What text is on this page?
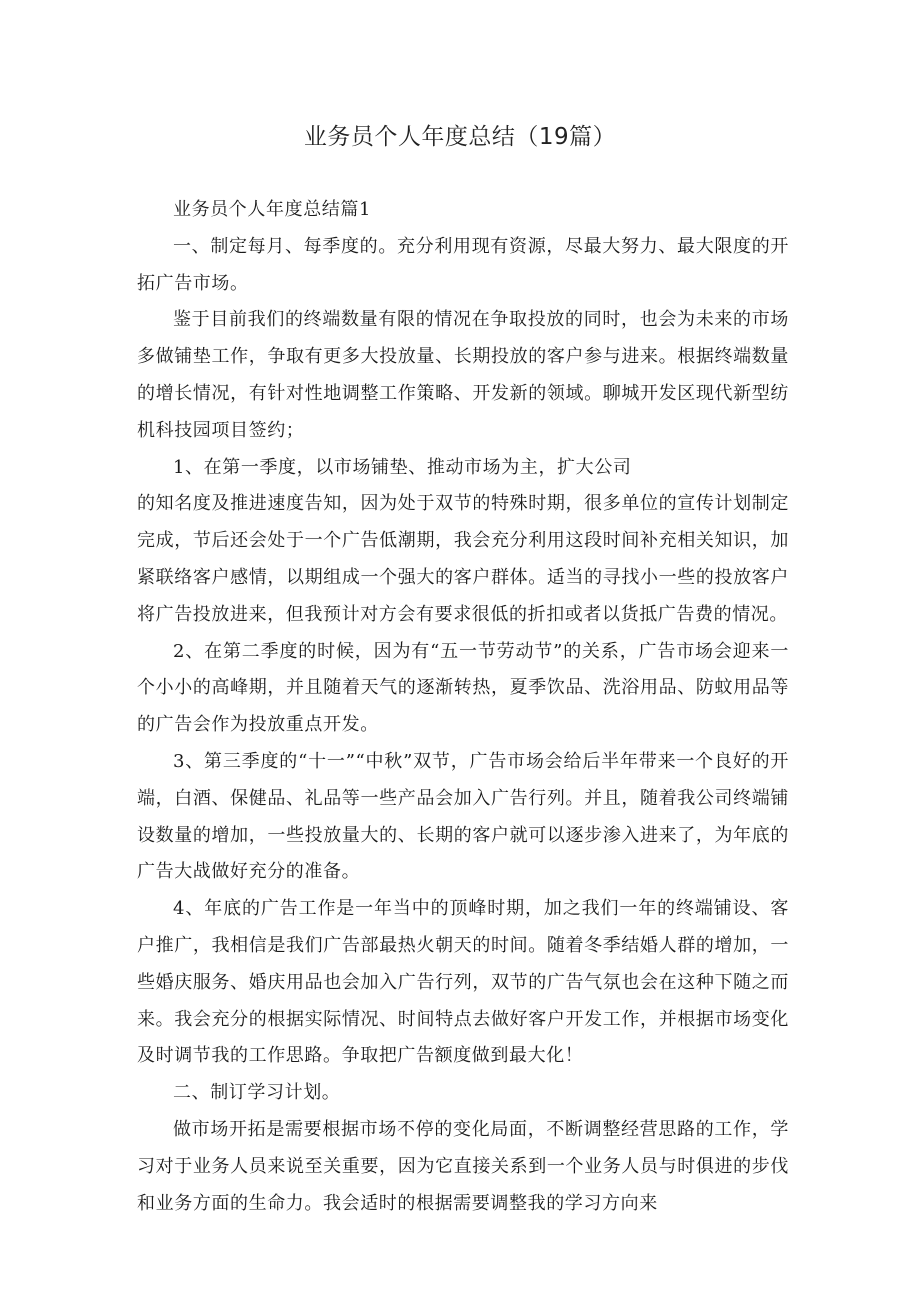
业务员个人年度总结（19篇）

业务员个人年度总结篇1

一、制定每月、每季度的。充分利用现有资源，尽最大努力、最大限度的开拓广告市场。

鉴于目前我们的终端数量有限的情况在争取投放的同时，也会为未来的市场多做铺垫工作，争取有更多大投放量、长期投放的客户参与进来。根据终端数量的增长情况，有针对性地调整工作策略、开发新的领域。聊城开发区现代新型纺机科技园项目签约；

1、在第一季度，以市场铺垫、推动市场为主，扩大公司

的知名度及推进速度告知，因为处于双节的特殊时期，很多单位的宣传计划制定完成，节后还会处于一个广告低潮期，我会充分利用这段时间补充相关知识，加紧联络客户感情，以期组成一个强大的客户群体。适当的寻找小一些的投放客户将广告投放进来，但我预计对方会有要求很低的折扣或者以货抵广告费的情况。

2、在第二季度的时候，因为有“五一节劳动节”的关系，广告市场会迎来一个小小的高峰期，并且随着天气的逐渐转热，夏季饮品、洗浴用品、防蚊用品等的广告会作为投放重点开发。

3、第三季度的“十一”“中秋”双节，广告市场会给后半年带来一个良好的开端，白酒、保健品、礼品等一些产品会加入广告行列。并且，随着我公司终端铺设数量的增加，一些投放量大的、长期的客户就可以逐步渗入进来了，为年底的广告大战做好充分的准备。

4、年底的广告工作是一年当中的顶峰时期，加之我们一年的终端铺设、客户推广，我相信是我们广告部最热火朝天的时间。随着冬季结婚人群的增加，一些婚庆服务、婚庆用品也会加入广告行列，双节的广告气氛也会在这种下随之而来。我会充分的根据实际情况、时间特点去做好客户开发工作，并根据市场变化及时调节我的工作思路。争取把广告额度做到最大化！

二、制订学习计划。

做市场开拓是需要根据市场不停的变化局面，不断调整经营思路的工作，学习对于业务人员来说至关重要，因为它直接关系到一个业务人员与时俱进的步伐和业务方面的生命力。我会适时的根据需要调整我的学习方向来
